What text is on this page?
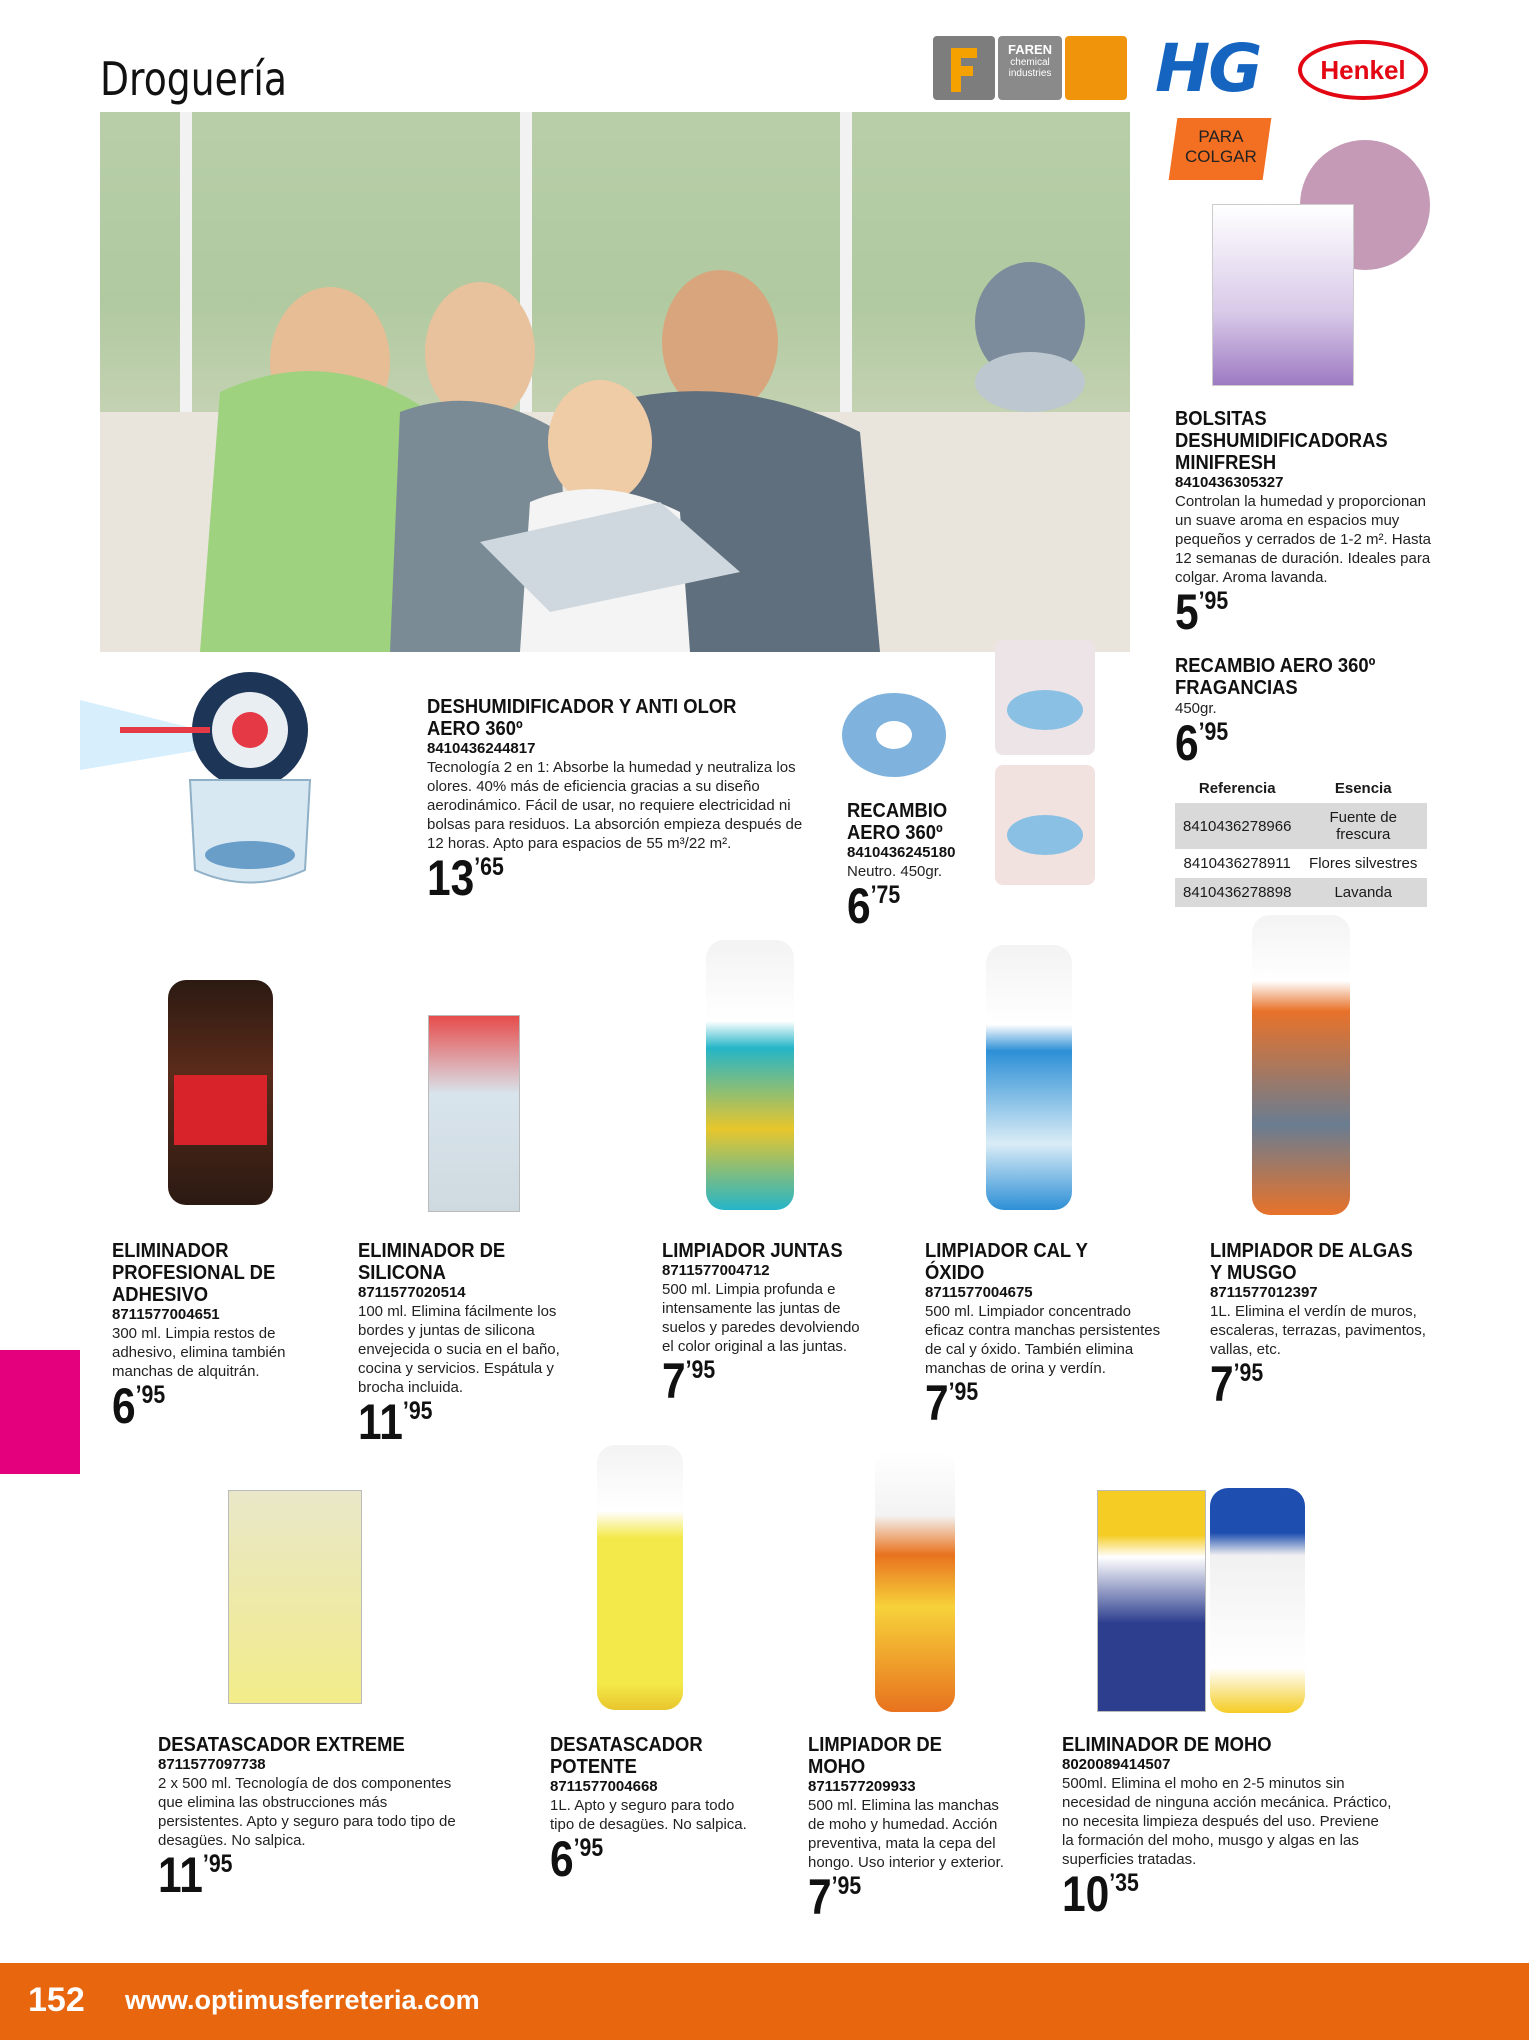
Droguería
FAREN
chemical industries HG	Henkel
PARA
COLGAR
BOLSITAS DESHUMIDIFICADORAS MINIFRESH
8410436305327
Controlan la humedad y proporcionan un suave aroma en espacios muy pequeños y cerrados de 1-2 m². Hasta 12 semanas de duración. Ideales para colgar. Aroma lavanda.
5’95
RECAMBIO AERO 360º FRAGANCIAS
450gr.
6’95
Referencia	Esencia
8410436278966	Fuente de frescura
8410436278911	Flores silvestres
8410436278898	Lavanda
DESHUMIDIFICADOR Y ANTI OLOR AERO 360º
8410436244817
Tecnología 2 en 1: Absorbe la humedad y neutraliza los olores. 40% más de eficiencia gracias a su diseño aerodinámico. Fácil de usar, no requiere electricidad ni bolsas para residuos. La absorción empieza después de 12 horas. Apto para espacios de 55 m³/22 m².
13’65
RECAMBIO AERO 360º
8410436245180
Neutro. 450gr.
6’75
ELIMINADOR PROFESIONAL DE ADHESIVO
8711577004651
300 ml. Limpia restos de adhesivo, elimina también manchas de alquitrán.
6’95
ELIMINADOR DE SILICONA
8711577020514
100 ml. Elimina fácilmente los bordes y juntas de silicona envejecida o sucia en el baño, cocina y servicios. Espátula y brocha incluida.
11’95
LIMPIADOR JUNTAS
8711577004712
500 ml. Limpia profunda e intensamente las juntas de suelos y paredes devolviendo el color original a las juntas.
7’95
LIMPIADOR CAL Y ÓXIDO
8711577004675
500 ml. Limpiador concentrado eficaz contra manchas persistentes de cal y óxido. También elimina manchas de orina y verdín.
7’95
LIMPIADOR DE ALGAS Y MUSGO
8711577012397
1L. Elimina el verdín de muros, escaleras, terrazas, pavimentos, vallas, etc.
7’95
DESATASCADOR EXTREME
8711577097738
2 x 500 ml. Tecnología de dos componentes que elimina las obstrucciones más persistentes. Apto y seguro para todo tipo de desagües. No salpica.
11’95
DESATASCADOR POTENTE
8711577004668
1L. Apto y seguro para todo tipo de desagües. No salpica.
6’95
LIMPIADOR DE MOHO
8711577209933
500 ml. Elimina las manchas de moho y humedad. Acción preventiva, mata la cepa del hongo. Uso interior y exterior.
7’95
ELIMINADOR DE MOHO
8020089414507
500ml. Elimina el moho en 2-5 minutos sin necesidad de ninguna acción mecánica. Práctico, no necesita limpieza después del uso. Previene la formación del moho, musgo y algas en las superficies tratadas.
10’35
152 www.optimusferreteria.com
